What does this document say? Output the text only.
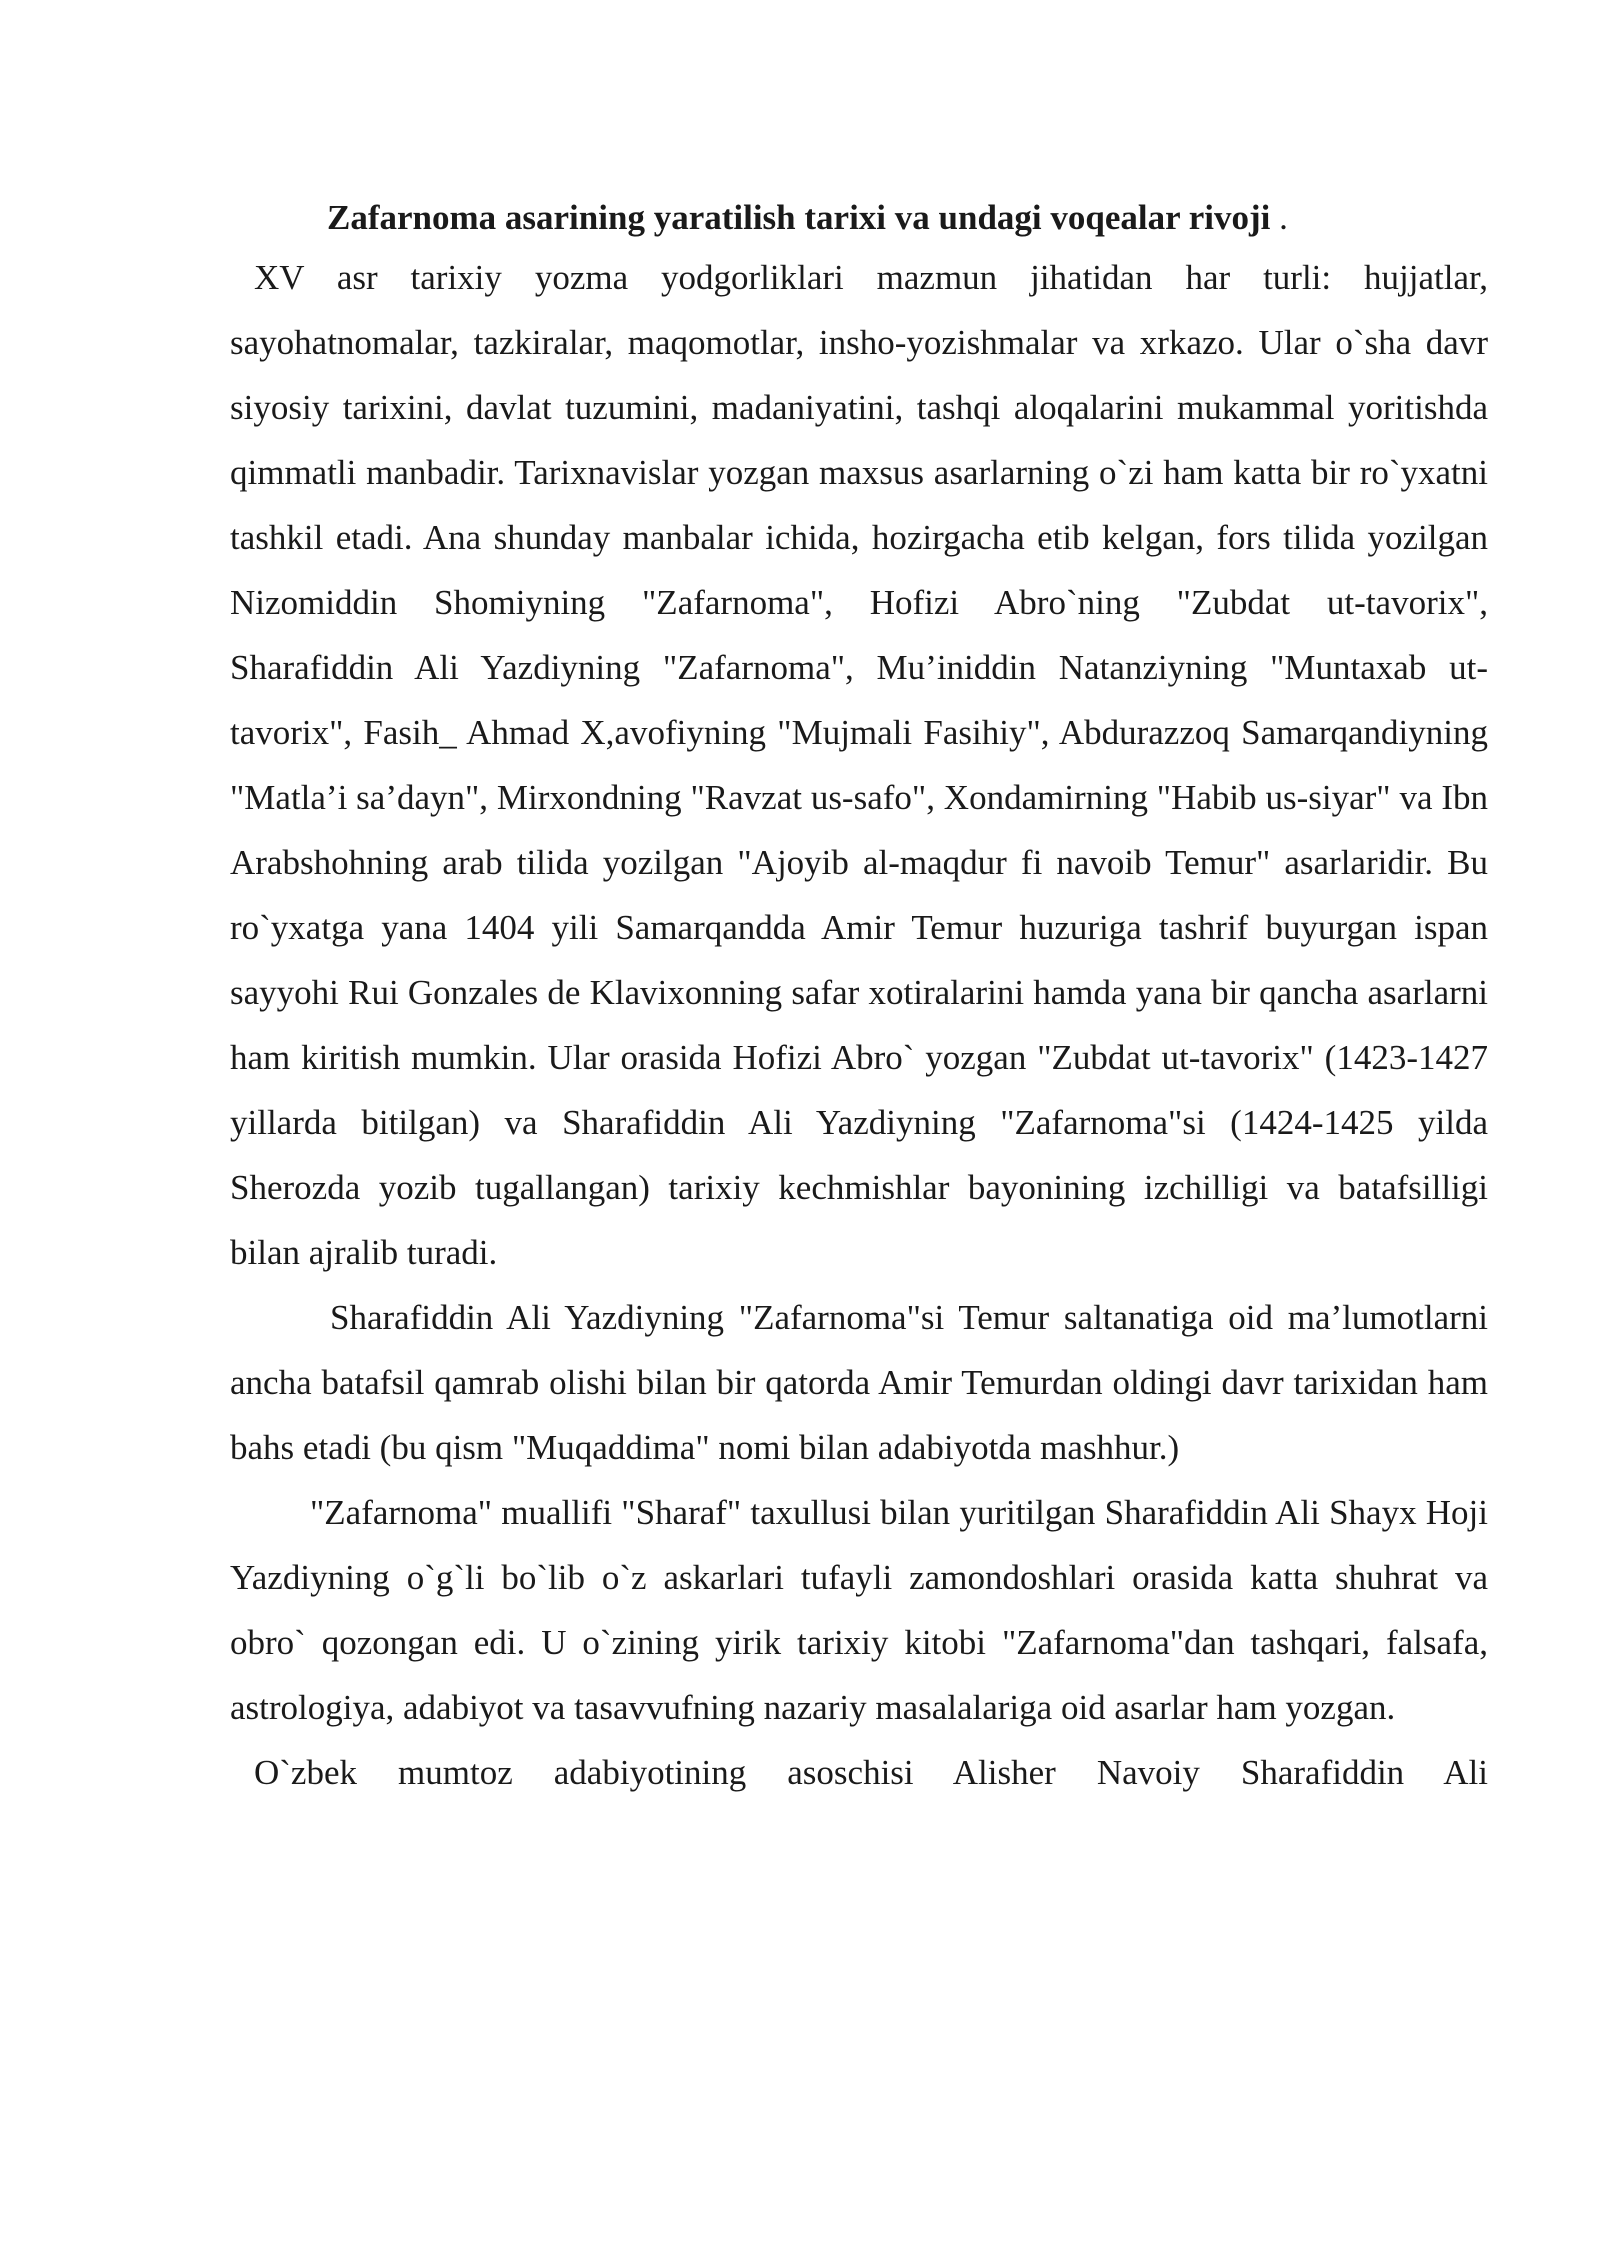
Zafarnoma asarining yaratilish tarixi va undagi voqealar rivoji .

XV asr tarixiy yozma yodgorliklari mazmun jihatidan har turli: hujjatlar, sayohatnomalar, tazkiralar, maqomotlar, insho-yozishmalar va xrkazo. Ular o`sha davr siyosiy tarixini, davlat tuzumini, madaniyatini, tashqi aloqalarini mukammal yoritishda qimmatli manbadir. Tarixnavislar yozgan maxsus asarlarning o`zi ham katta bir ro`yxatni tashkil etadi. Ana shunday manbalar ichida, hozirgacha etib kelgan, fors tilida yozilgan Nizomiddin Shomiyning "Zafarnoma", Hofizi Abro`ning "Zubdat ut-tavorix", Sharafiddin Ali Yazdiyning "Zafarnoma", Mu’iniddin Natanziyning "Muntaxab ut-tavorix", Fasih_ Ahmad X,avofiyning "Mujmali Fasihiy", Abdurazzoq Samarqandiyning "Matla’i sa’dayn", Mirxondning "Ravzat us-safo", Xondamirning "Habib us-siyar" va Ibn Arabshohning arab tilida yozilgan "Ajoyib al-maqdur fi navoib Temur" asarlaridir. Bu ro`yxatga yana 1404 yili Samarqandda Amir Temur huzuriga tashrif buyurgan ispan sayyohi Rui Gonzales de Klavixonning safar xotiralarini hamda yana bir qancha asarlarni ham kiritish mumkin. Ular orasida Hofizi Abro` yozgan "Zubdat ut-tavorix" (1423-1427 yillarda bitilgan) va Sharafiddin Ali Yazdiyning "Zafarnoma"si (1424-1425 yilda Sherozda yozib tugallangan) tarixiy kechmishlar bayonining izchilligi va batafsilligi bilan ajralib turadi.

Sharafiddin Ali Yazdiyning "Zafarnoma"si Temur saltanatiga oid ma’lumotlarni ancha batafsil qamrab olishi bilan bir qatorda Amir Temurdan oldingi davr tarixidan ham bahs etadi (bu qism "Muqaddima" nomi bilan adabiyotda mashhur.)

"Zafarnoma" muallifi "Sharaf" taxullusi bilan yuritilgan Sharafiddin Ali Shayx Hoji Yazdiyning o`g`li bo`lib o`z askarlari tufayli zamondoshlari orasida katta shuhrat va obro` qozongan edi. U o`zining yirik tarixiy kitobi "Zafarnoma"dan tashqari, falsafa, astrologiya, adabiyot va tasavvufning nazariy masalalariga oid asarlar ham yozgan.

O`zbek mumtoz adabiyotining asoschisi Alisher Navoiy Sharafiddin Ali
